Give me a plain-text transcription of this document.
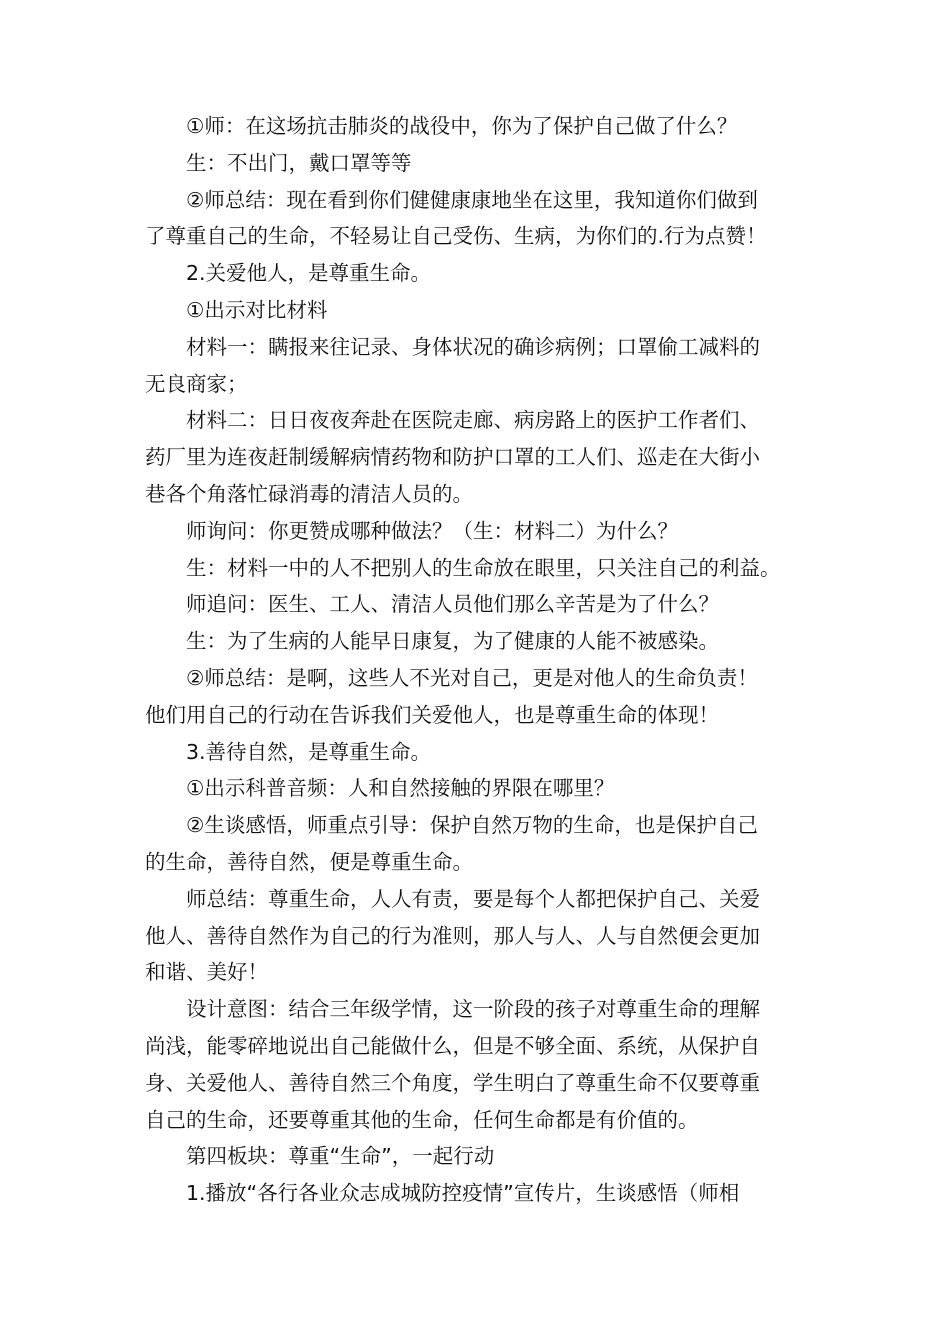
①师：在这场抗击肺炎的战役中，你为了保护自己做了什么？

生：不出门，戴口罩等等

②师总结：现在看到你们健健康康地坐在这里，我知道你们做到
了尊重自己的生命，不轻易让自己受伤、生病，为你们的.行为点赞！

2.关爱他人，是尊重生命。

①出示对比材料

材料一：瞒报来往记录、身体状况的确诊病例；口罩偷工减料的
无良商家；

材料二：日日夜夜奔赴在医院走廊、病房路上的医护工作者们、
药厂里为连夜赶制缓解病情药物和防护口罩的工人们、巡走在大街小
巷各个角落忙碌消毒的清洁人员的。

师询问：你更赞成哪种做法？（生：材料二）为什么？

生：材料一中的人不把别人的生命放在眼里，只关注自己的利益。

师追问：医生、工人、清洁人员他们那么辛苦是为了什么？

生：为了生病的人能早日康复，为了健康的人能不被感染。

②师总结：是啊，这些人不光对自己，更是对他人的生命负责！
他们用自己的行动在告诉我们关爱他人，也是尊重生命的体现！

3.善待自然，是尊重生命。

①出示科普音频：人和自然接触的界限在哪里？

②生谈感悟，师重点引导：保护自然万物的生命，也是保护自己
的生命，善待自然，便是尊重生命。

师总结：尊重生命，人人有责，要是每个人都把保护自己、关爱
他人、善待自然作为自己的行为准则，那人与人、人与自然便会更加
和谐、美好！

设计意图：结合三年级学情，这一阶段的孩子对尊重生命的理解
尚浅，能零碎地说出自己能做什么，但是不够全面、系统，从保护自
身、关爱他人、善待自然三个角度，学生明白了尊重生命不仅要尊重
自己的生命，还要尊重其他的生命，任何生命都是有价值的。

第四板块：尊重“生命”，一起行动

1.播放“各行各业众志成城防控疫情”宣传片，生谈感悟（师相
